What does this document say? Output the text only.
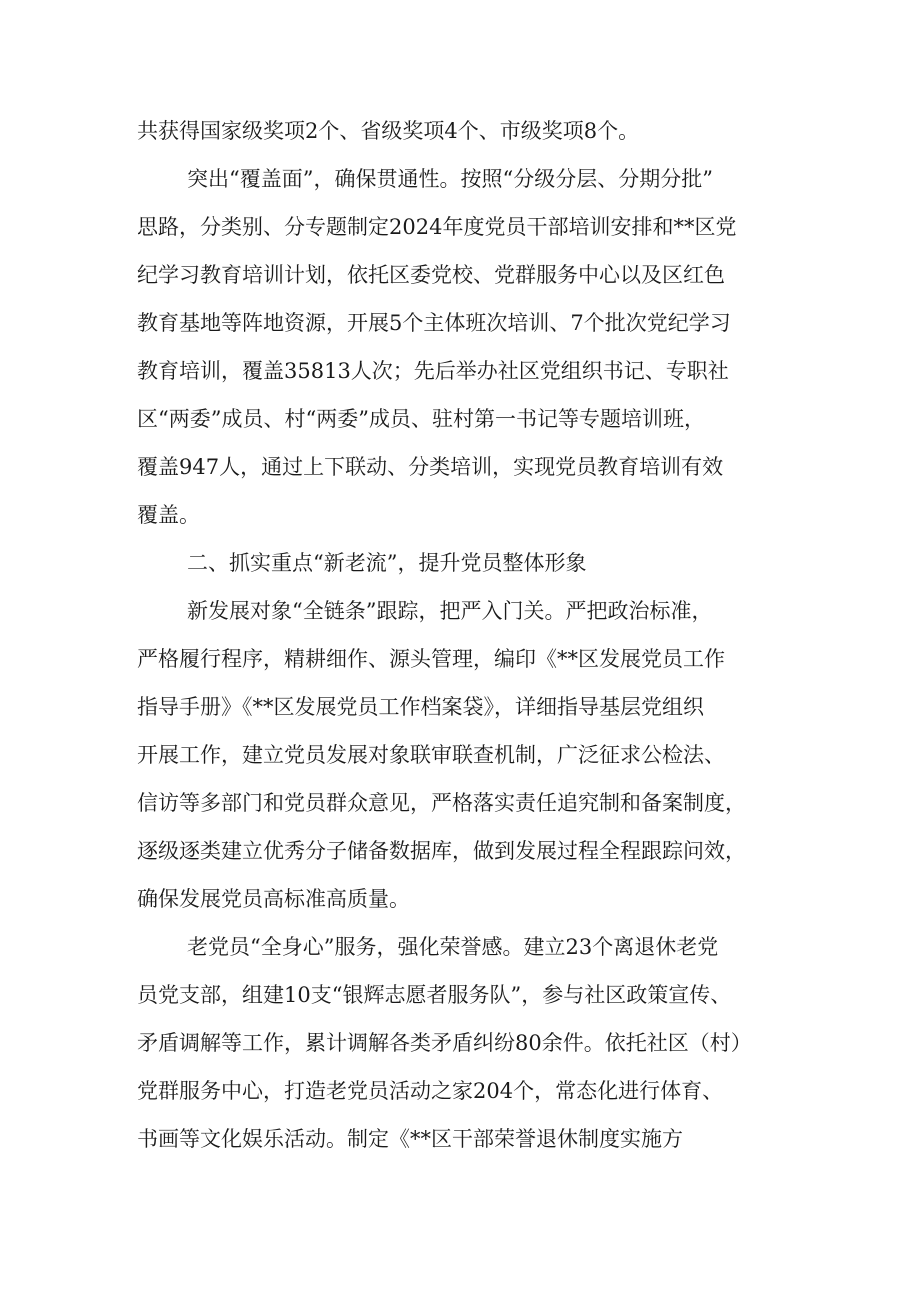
共获得国家级奖项2个、省级奖项4个、市级奖项8个。
突出“覆盖面”，确保贯通性。按照“分级分层、分期分批”
思路，分类别、分专题制定2024年度党员干部培训安排和**区党
纪学习教育培训计划，依托区委党校、党群服务中心以及区红色
教育基地等阵地资源，开展5个主体班次培训、7个批次党纪学习
教育培训，覆盖35813人次；先后举办社区党组织书记、专职社
区“两委”成员、村“两委”成员、驻村第一书记等专题培训班，
覆盖947人，通过上下联动、分类培训，实现党员教育培训有效
覆盖。
二、抓实重点“新老流”，提升党员整体形象
新发展对象“全链条”跟踪，把严入门关。严把政治标准，
严格履行程序，精耕细作、源头管理，编印《**区发展党员工作
指导手册》《**区发展党员工作档案袋》，详细指导基层党组织
开展工作，建立党员发展对象联审联查机制，广泛征求公检法、
信访等多部门和党员群众意见，严格落实责任追究制和备案制度，
逐级逐类建立优秀分子储备数据库，做到发展过程全程跟踪问效，
确保发展党员高标准高质量。
老党员“全身心”服务，强化荣誉感。建立23个离退休老党
员党支部，组建10支“银辉志愿者服务队”，参与社区政策宣传、
矛盾调解等工作，累计调解各类矛盾纠纷80余件。依托社区（村）
党群服务中心，打造老党员活动之家204个，常态化进行体育、
书画等文化娱乐活动。制定《**区干部荣誉退休制度实施方
